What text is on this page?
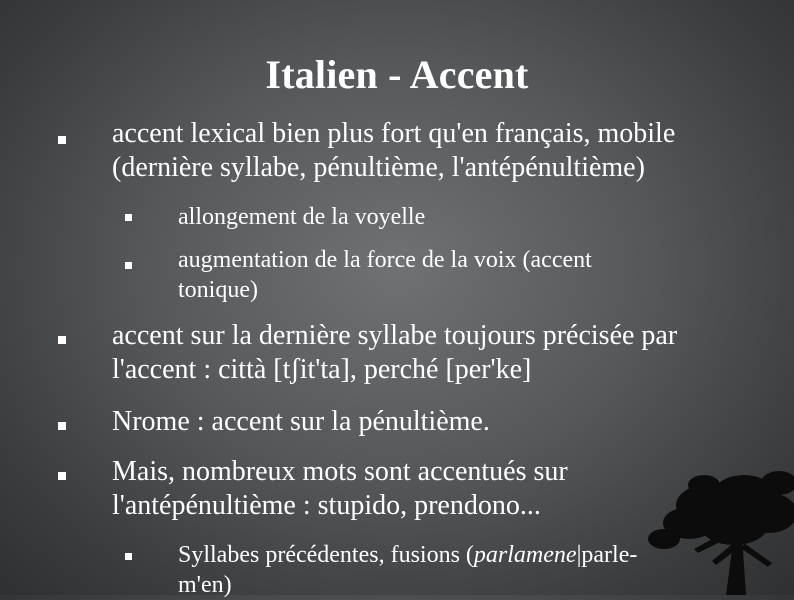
Italien - Accent
accent lexical bien plus fort qu'en français, mobile
(dernière syllabe, pénultième, l'antépénultième)
allongement de la voyelle
augmentation de la force de la voix (accent
tonique)
accent sur la dernière syllabe toujours précisée par
l'accent : città [tʃit'ta], perché [per'ke]
Nrome : accent sur la pénultième.
Mais, nombreux mots sont accentués sur
l'antépénultième : stupido, prendono...
Syllabes précédentes, fusions (parlamene|parle-
m'en)
